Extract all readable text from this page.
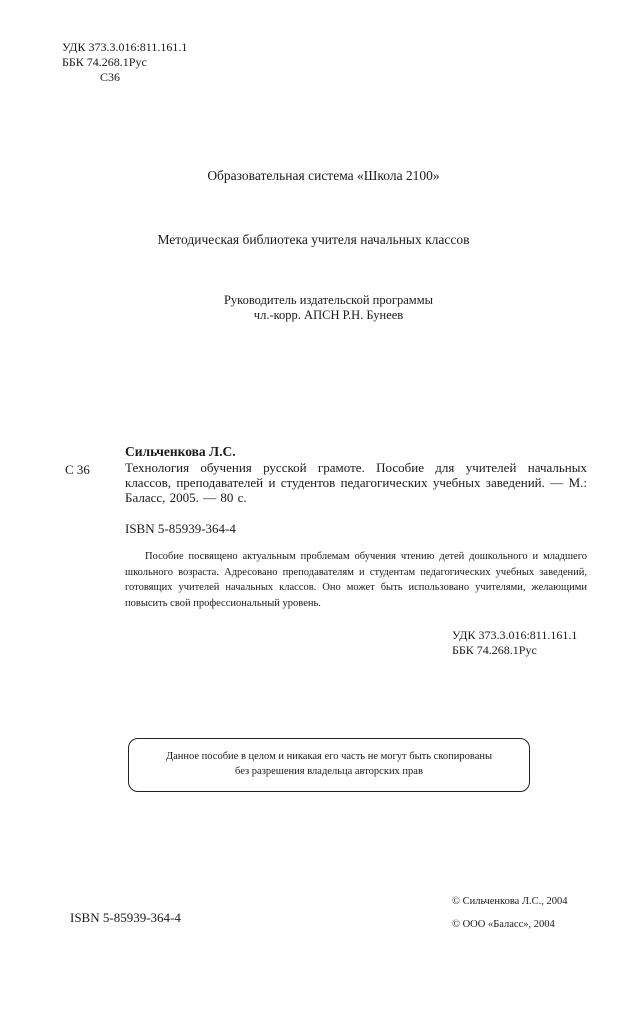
УДК 373.3.016:811.161.1
ББК 74.268.1Рус
С36
Образовательная система «Школа 2100»
Методическая библиотека учителя начальных классов
Руководитель издательской программы
чл.-корр. АПСН Р.Н. Бунеев
Сильченкова Л.С.
С 36	Технология обучения русской грамоте. Пособие для учителей начальных классов, преподавателей и студентов педагогических учебных заведений. — М.: Баласс, 2005. — 80 с.
ISBN 5-85939-364-4
Пособие посвящено актуальным проблемам обучения чтению детей дошкольного и младшего школьного возраста. Адресовано преподавателям и студентам педагогических учебных заведений, готовящих учителей начальных классов. Оно может быть использовано учителями, желающими повысить свой профессиональный уровень.
УДК 373.3.016:811.161.1
ББК 74.268.1Рус
Данное пособие в целом и никакая его часть не могут быть скопированы
без разрешения владельца авторских прав
ISBN 5-85939-364-4
© Сильченкова Л.С., 2004
© ООО «Баласс», 2004
